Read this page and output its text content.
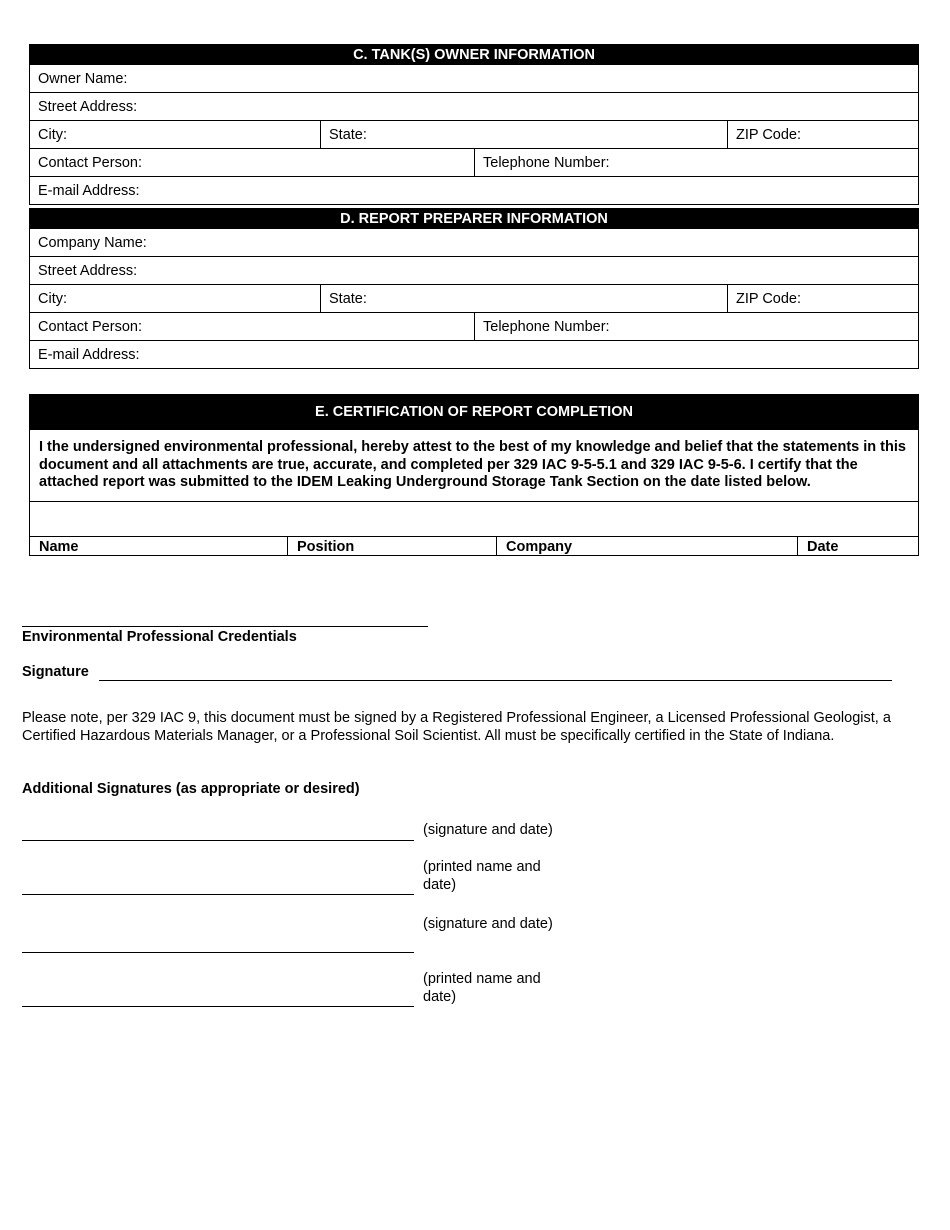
C. TANK(S) OWNER INFORMATION			
Owner Name:			
Street Address:			
City:	State:		ZIP Code:
Contact Person:		Telephone Number:	
E-mail Address:			
D. REPORT PREPARER INFORMATION			
Company Name:			
Street Address:			
City:	State:		ZIP Code:
Contact Person:		Telephone Number:	
E-mail Address:			
E. CERTIFICATION OF REPORT COMPLETION
I the undersigned environmental professional, hereby attest to the best of my knowledge and belief that the statements in this document and all attachments are true, accurate, and completed per 329 IAC 9-5-5.1 and 329 IAC 9-5-6. I certify that the attached report was submitted to the IDEM Leaking Underground Storage Tank Section on the date listed below.

Name	Position	Company	Date
Environmental Professional Credentials
Signature
Please note, per 329 IAC 9, this document must be signed by a Registered Professional Engineer, a Licensed Professional Geologist, a Certified Hazardous Materials Manager, or a Professional Soil Scientist. All must be specifically certified in the State of Indiana.
Additional Signatures (as appropriate or desired)
(signature and date)
(printed name and date)
(signature and date)
(printed name and date)
